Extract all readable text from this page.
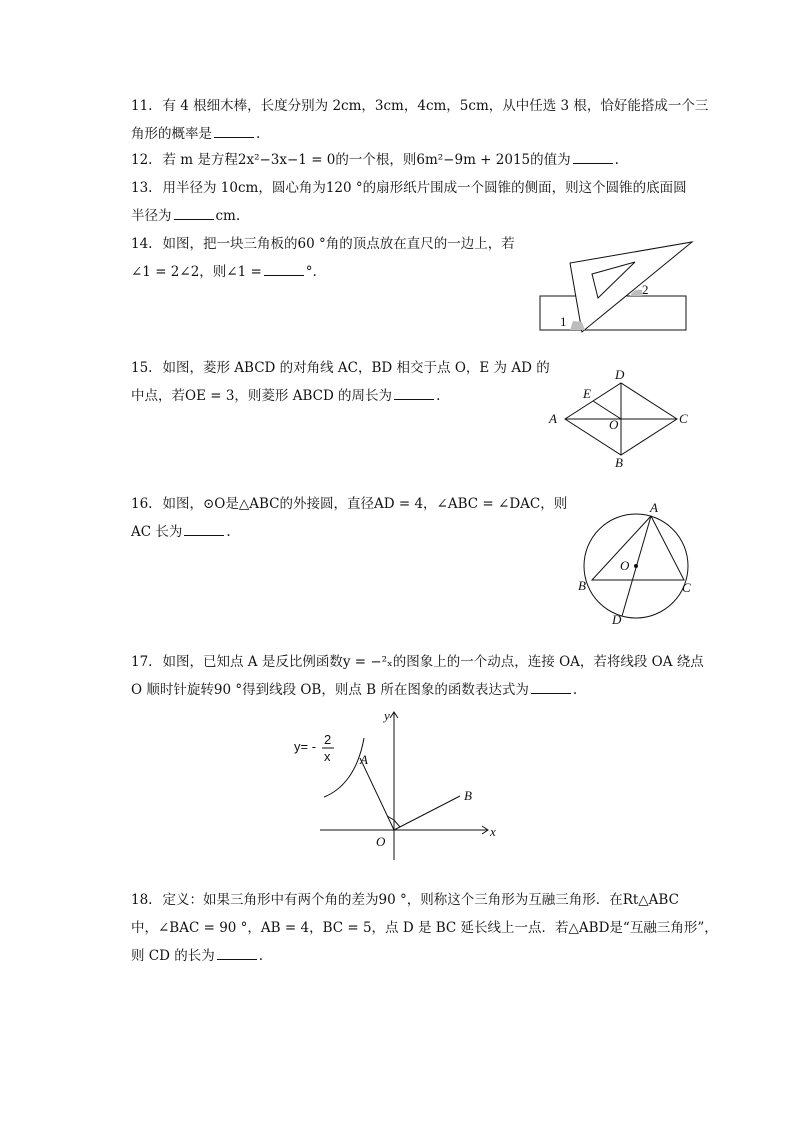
11. 有 4 根细木棒，长度分别为 2cm，3cm，4cm，5cm，从中任选 3 根，恰好能搭成一个三
角形的概率是	.
12. 若 m 是方程2x²−3x−1 = 0的一个根，则6m²−9m + 2015的值为	.
13. 用半径为 10cm，圆心角为120 °的扇形纸片围成一个圆锥的侧面，则这个圆锥的底面圆
半径为	cm.
14. 如图，把一块三角板的60 °角的顶点放在直尺的一边上，若
∠1 = 2∠2，则∠1 =	°.
1
2
15. 如图，菱形 ABCD 的对角线 AC，BD 相交于点 O，E 为 AD 的
中点，若OE = 3，则菱形 ABCD 的周长为	.
A
B
C
D
E
O
16. 如图，⊙O是△ABC的外接圆，直径AD = 4，∠ABC = ∠DAC，则
AC 长为	.
A
B	C
D
O
17. 如图，已知点 A 是反比例函数y = −²ₓ的图象上的一个动点，连接 OA，若将线段 OA 绕点
O 顺时针旋转90 °得到线段 OB，则点 B 所在图象的函数表达式为	.
y
x
O
A
B
y= - 2
x
18. 定义：如果三角形中有两个角的差为90 °，则称这个三角形为互融三角形．在Rt△ABC
中，∠BAC = 90 °，AB = 4，BC = 5，点 D 是 BC 延长线上一点．若△ABD是“互融三角形”，
则 CD 的长为	.
